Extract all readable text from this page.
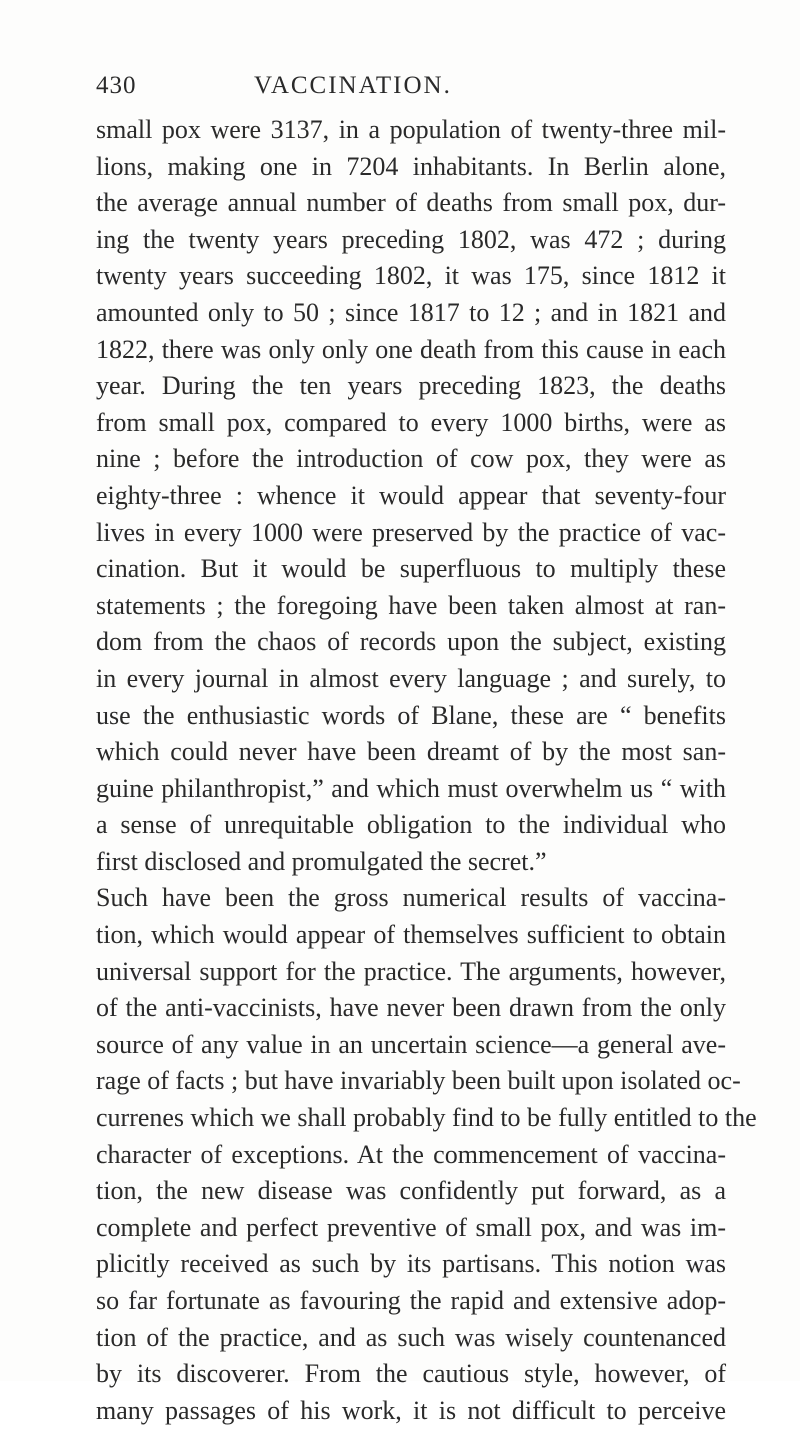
430	VACCINATION.
small pox were 3137, in a population of twenty-three mil-
lions, making one in 7204 inhabitants. In Berlin alone,
the average annual number of deaths from small pox, dur-
ing the twenty years preceding 1802, was 472 ; during
twenty years succeeding 1802, it was 175, since 1812 it
amounted only to 50 ; since 1817 to 12 ; and in 1821 and
1822, there was only only one death from this cause in each
year. During the ten years preceding 1823, the deaths
from small pox, compared to every 1000 births, were as
nine ; before the introduction of cow pox, they were as
eighty-three : whence it would appear that seventy-four
lives in every 1000 were preserved by the practice of vac-
cination. But it would be superfluous to multiply these
statements ; the foregoing have been taken almost at ran-
dom from the chaos of records upon the subject, existing
in every journal in almost every language ; and surely, to
use the enthusiastic words of Blane, these are “ benefits
which could never have been dreamt of by the most san-
guine philanthropist,” and which must overwhelm us “ with
a sense of unrequitable obligation to the individual who
first disclosed and promulgated the secret.”
Such have been the gross numerical results of vaccina-
tion, which would appear of themselves sufficient to obtain
universal support for the practice. The arguments, however,
of the anti-vaccinists, have never been drawn from the only
source of any value in an uncertain science—a general ave-
rage of facts ; but have invariably been built upon isolated oc-
currenes which we shall probably find to be fully entitled to the
character of exceptions. At the commencement of vaccina-
tion, the new disease was confidently put forward, as a
complete and perfect preventive of small pox, and was im-
plicitly received as such by its partisans. This notion was
so far fortunate as favouring the rapid and extensive adop-
tion of the practice, and as such was wisely countenanced
by its discoverer. From the cautious style, however, of
many passages of his work, it is not difficult to perceive
